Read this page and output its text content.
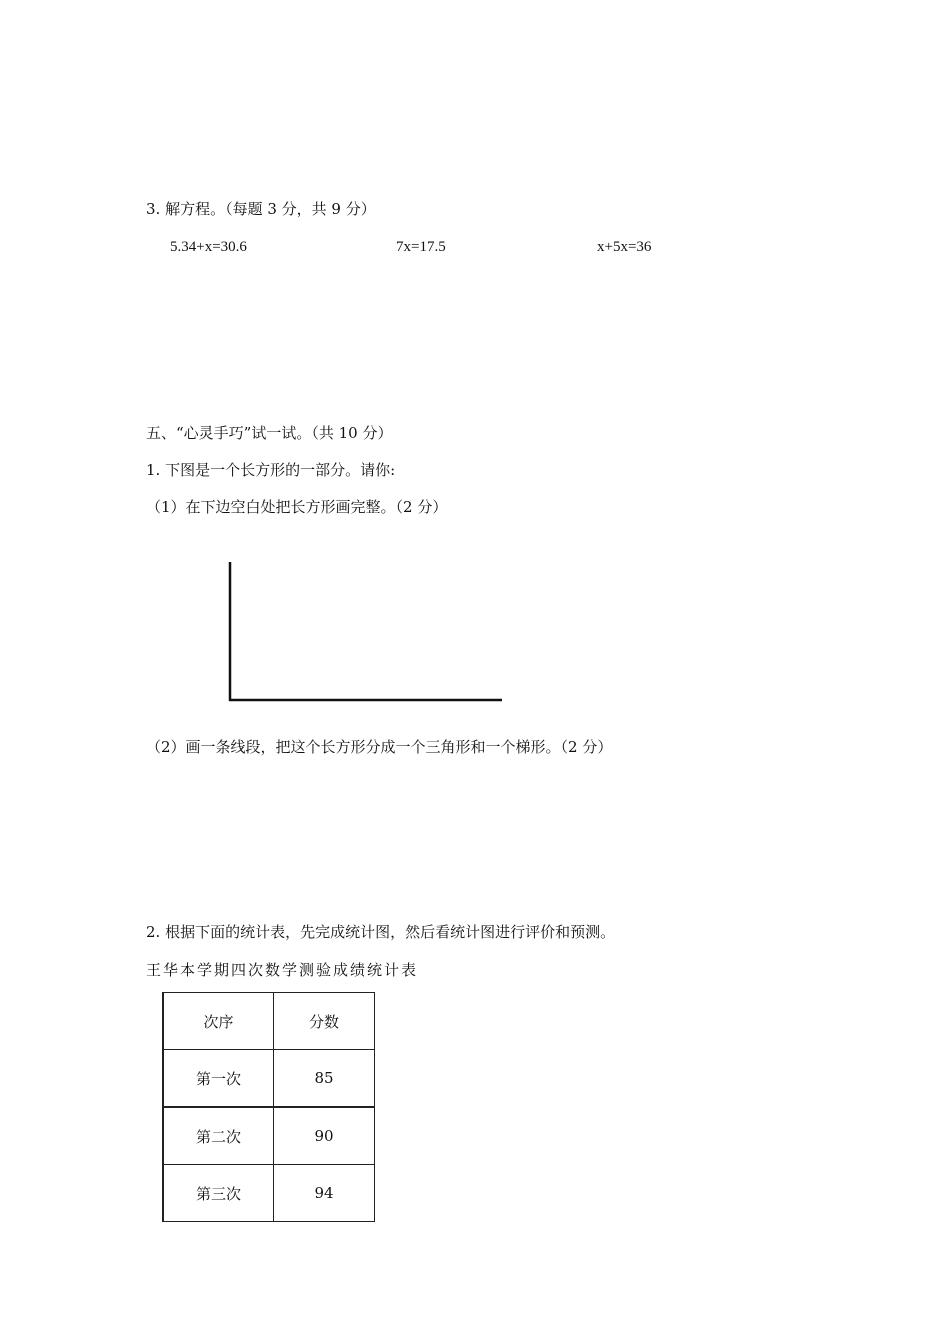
3. 解方程。（每题 3 分，共 9 分）
5.34+x=30.6	7x=17.5	x+5x=36
五、“心灵手巧”试一试。（共 10 分）
1. 下图是一个长方形的一部分。请你:
（1）在下边空白处把长方形画完整。（2 分）
（2）画一条线段，把这个长方形分成一个三角形和一个梯形。（2 分）
2. 根据下面的统计表，先完成统计图，然后看统计图进行评价和预测。
王华本学期四次数学测验成绩统计表
次序	分数
第一次	85
第二次	90
第三次	94
